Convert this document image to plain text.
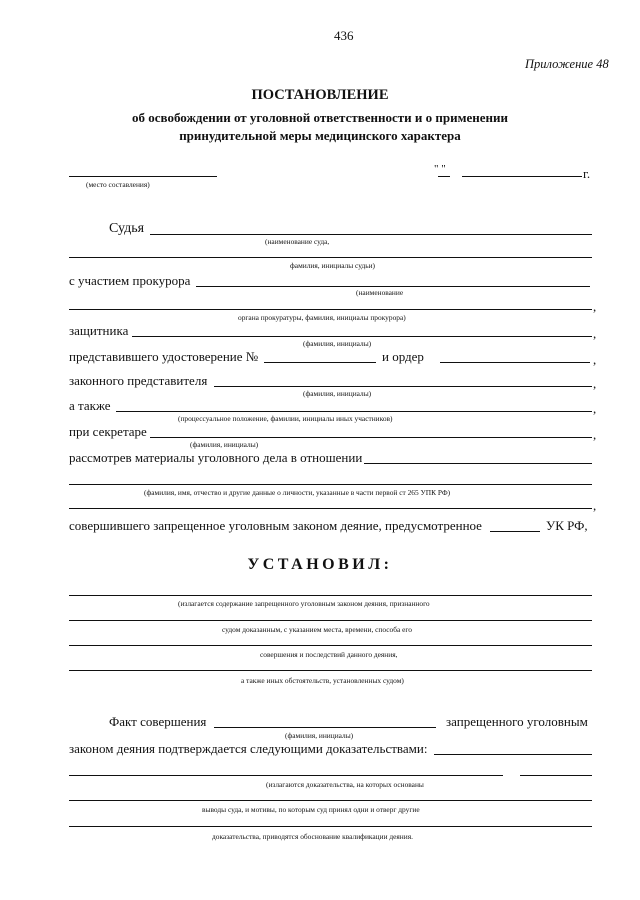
436
Приложение 48
ПОСТАНОВЛЕНИЕ
об освобождении от уголовной ответственности и о применении
принудительной меры медицинского характера
(место составления)
" "	г.
Судья
(наименование суда,
фамилия, инициалы судьи)
с участием прокурора
(наименование
,
органа прокуратуры, фамилия, инициалы прокурора)
защитника	,
(фамилия, инициалы)
представившего удостоверение №	и ордер	,
законного представителя	,
(фамилия, инициалы)
а также	,
(процессуальное положение, фамилии, инициалы иных участников)
при секретаре	,
(фамилия, инициалы)
рассмотрев материалы уголовного дела в отношении
(фамилия, имя, отчество и другие данные о личности, указанные в части первой ст 265 УПК РФ)
,
совершившего запрещенное уголовным законом деяние, предусмотренное	УК РФ,
УСТАНОВИЛ:
(излагается содержание запрещенного уголовным законом деяния, признанного
судом доказанным, с указанием места, времени, способа его
совершения и последствий данного деяния,
а также иных обстоятельств, установленных судом)
Факт совершения	запрещенного уголовным
(фамилия, инициалы)
законом деяния подтверждается следующими доказательствами:
(излагаются доказательства, на которых основаны
выводы суда, и мотивы, по которым суд принял одни и отверг другие
доказательства, приводятся обоснование квалификации деяния.
